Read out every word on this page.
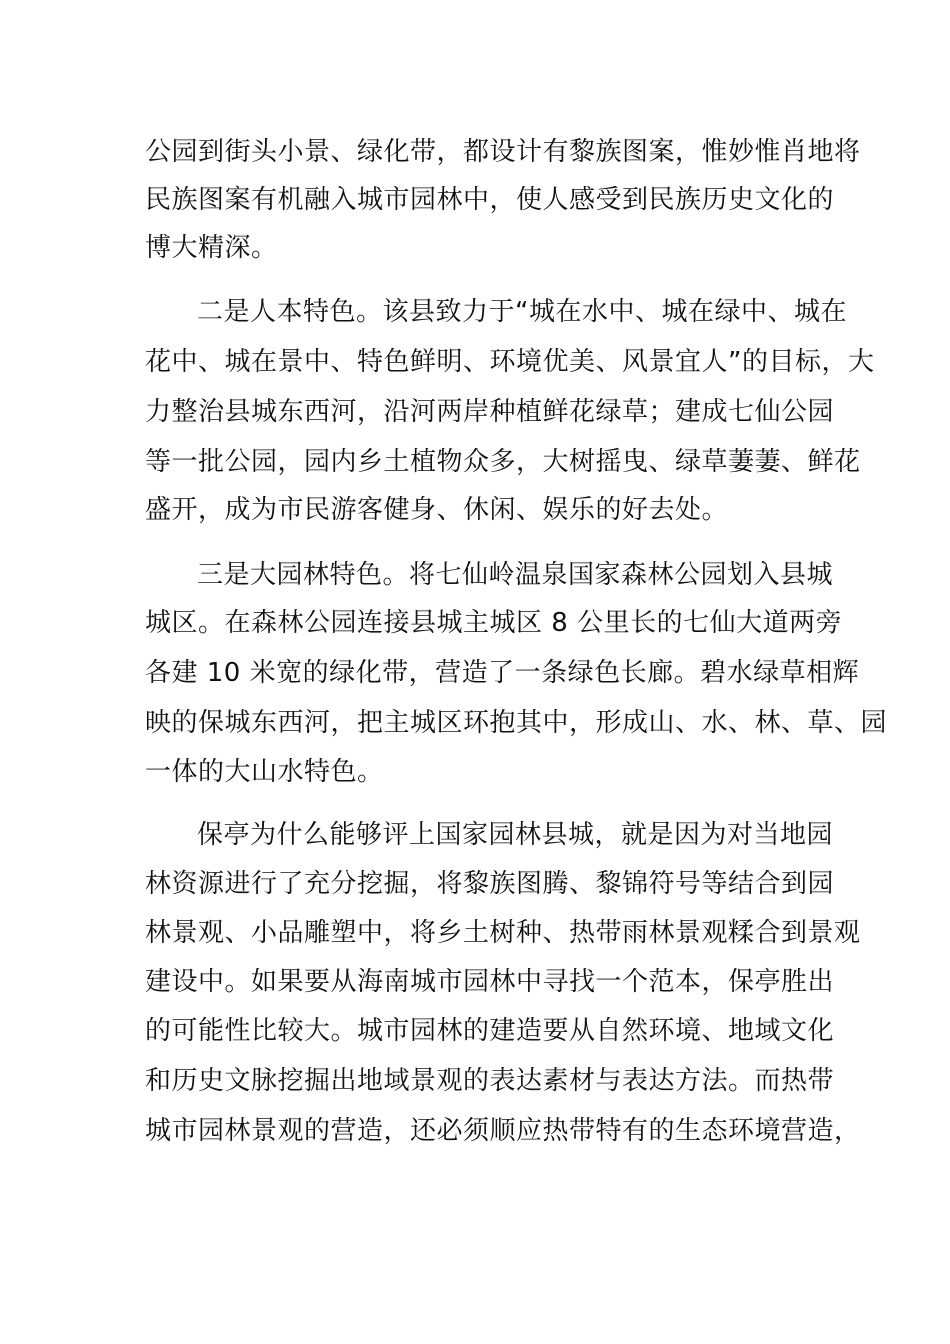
公园到街头小景、绿化带，都设计有黎族图案，惟妙惟肖地将
民族图案有机融入城市园林中，使人感受到民族历史文化的
博大精深。
二是人本特色。该县致力于“城在水中、城在绿中、城在
花中、城在景中、特色鲜明、环境优美、风景宜人”的目标，大
力整治县城东西河，沿河两岸种植鲜花绿草；建成七仙公园
等一批公园，园内乡土植物众多，大树摇曳、绿草萋萋、鲜花
盛开，成为市民游客健身、休闲、娱乐的好去处。
三是大园林特色。将七仙岭温泉国家森林公园划入县城
城区。在森林公园连接县城主城区 8 公里长的七仙大道两旁
各建 10 米宽的绿化带，营造了一条绿色长廊。碧水绿草相辉
映的保城东西河，把主城区环抱其中，形成山、水、林、草、园
一体的大山水特色。
保亭为什么能够评上国家园林县城，就是因为对当地园
林资源进行了充分挖掘，将黎族图腾、黎锦符号等结合到园
林景观、小品雕塑中，将乡土树种、热带雨林景观糅合到景观
建设中。如果要从海南城市园林中寻找一个范本，保亭胜出
的可能性比较大。城市园林的建造要从自然环境、地域文化
和历史文脉挖掘出地域景观的表达素材与表达方法。而热带
城市园林景观的营造，还必须顺应热带特有的生态环境营造，
